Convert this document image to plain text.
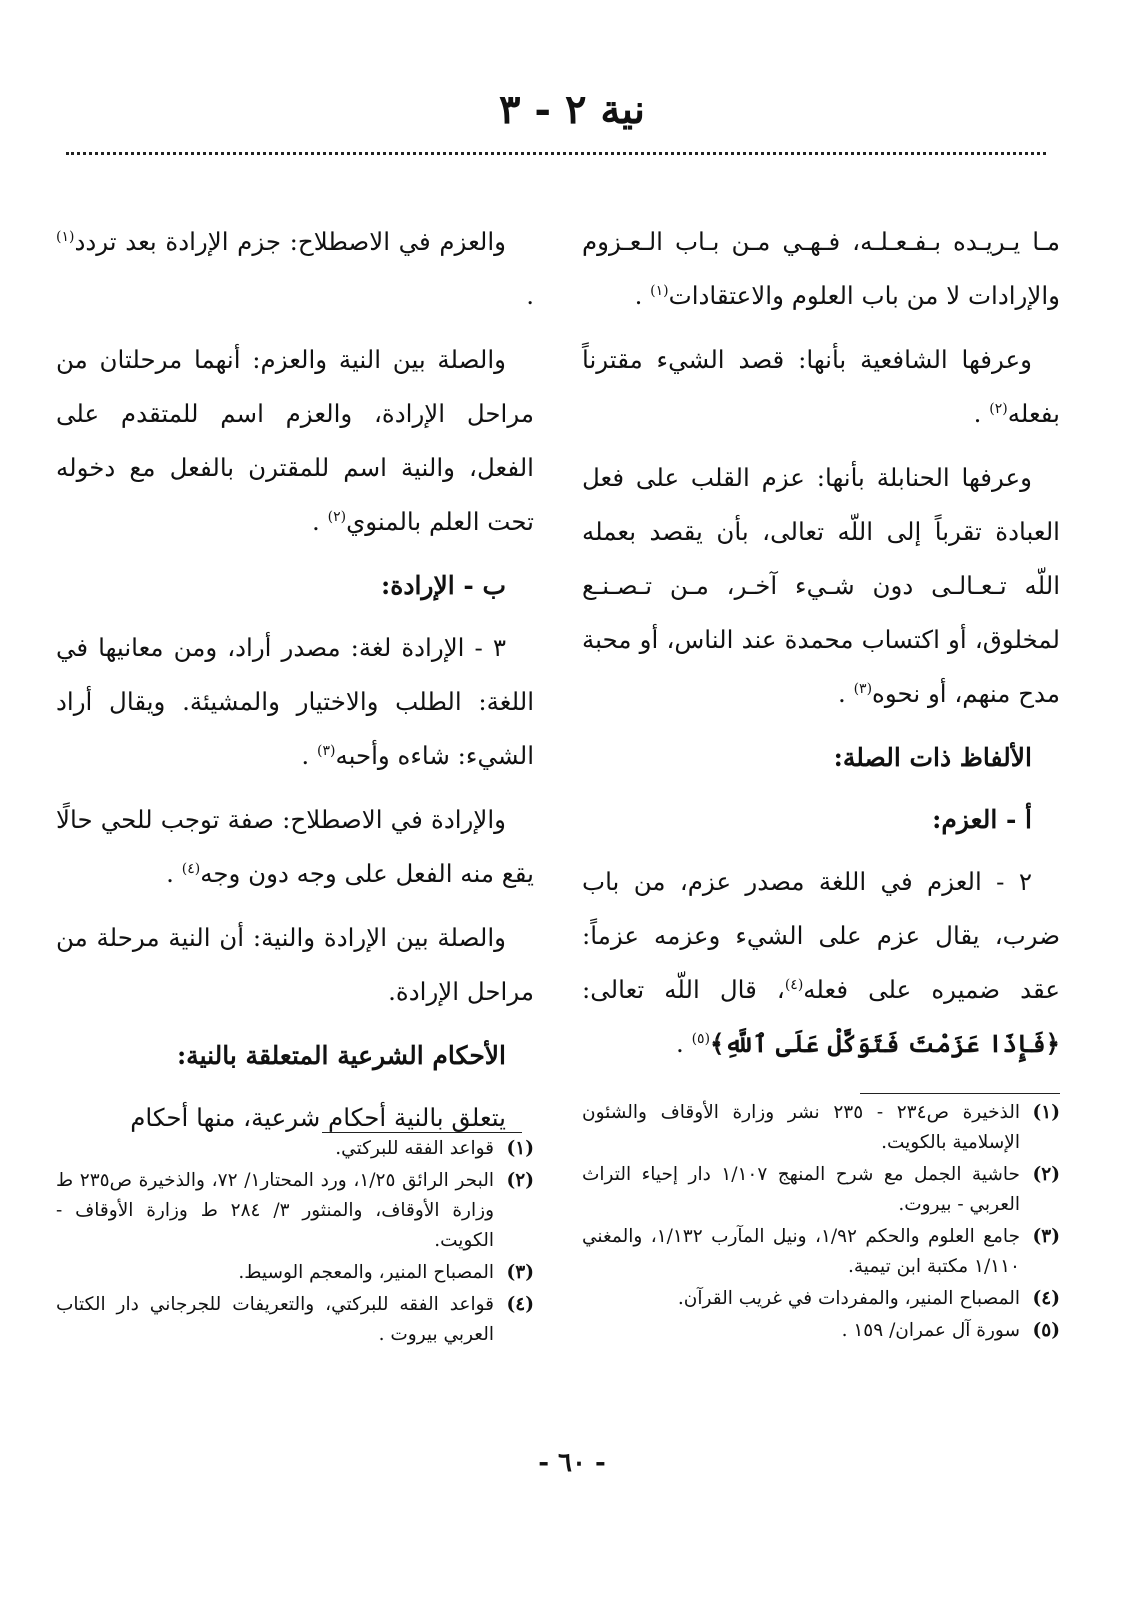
نية ٢ - ٣

مـا يـريـده بـفـعـلـه، فـهـي مـن بـاب الـعـزوم والإرادات لا من باب العلوم والاعتقادات$^{(١)}$ .

وعرفها الشافعية بأنها: قصد الشيء مقترناً بفعله$^{(٢)}$ .

وعرفها الحنابلة بأنها: عزم القلب على فعل العبادة تقرباً إلى اللّه تعالى، بأن يقصد بعمله اللّه تـعـالـى دون شـيء آخـر، مـن تـصـنـع لمخلوق، أو اكتساب محمدة عند الناس، أو محبة مدح منهم، أو نحوه$^{(٣)}$ .

الألفاظ ذات الصلة:

أ - العزم:

٢ - العزم في اللغة مصدر عزم، من باب ضرب، يقال عزم على الشيء وعزمه عزماً: عقد ضميره على فعله$^{(٤)}$، قال اللّه تعالى: ﴿فَإِذَا عَزَمْتَ فَتَوَكَّلْ عَلَى ٱللَّهِ﴾$^{(٥)}$ .

والعزم في الاصطلاح: جزم الإرادة بعد تردد$^{(١)}$ .

والصلة بين النية والعزم: أنهما مرحلتان من مراحل الإرادة، والعزم اسم للمتقدم على الفعل، والنية اسم للمقترن بالفعل مع دخوله تحت العلم بالمنوي$^{(٢)}$ .

ب - الإرادة:

٣ - الإرادة لغة: مصدر أراد، ومن معانيها في اللغة: الطلب والاختيار والمشيئة. ويقال أراد الشيء: شاءه وأحبه$^{(٣)}$ .

والإرادة في الاصطلاح: صفة توجب للحي حالًا يقع منه الفعل على وجه دون وجه$^{(٤)}$ .

والصلة بين الإرادة والنية: أن النية مرحلة من مراحل الإرادة.

الأحكام الشرعية المتعلقة بالنية:

يتعلق بالنية أحكام شرعية، منها أحكام	(١)
الذخيرة ص٢٣٤ - ٢٣٥ نشر وزارة الأوقاف والشئون الإسلامية بالكويت.
(٢)
حاشية الجمل مع شرح المنهج ١/١٠٧ دار إحياء التراث العربي - بيروت.
(٣)
جامع العلوم والحكم ١/٩٢، ونيل المآرب ١/١٣٢، والمغني ١/١١٠ مكتبة ابن تيمية.
(٤)
المصباح المنير، والمفردات في غريب القرآن.
(٥)
سورة آل عمران/ ١٥٩ .
(١)
قواعد الفقه للبركتي.
(٢)
البحر الرائق ١/٢٥، ورد المحتار١/ ٧٢، والذخيرة ص٢٣٥ ط وزارة الأوقاف، والمنثور ٣/ ٢٨٤ ط وزارة الأوقاف - الكويت.
(٣)
المصباح المنير، والمعجم الوسيط.
(٤)
قواعد الفقه للبركتي، والتعريفات للجرجاني دار الكتاب العربي بيروت .
- ٦٠ -
